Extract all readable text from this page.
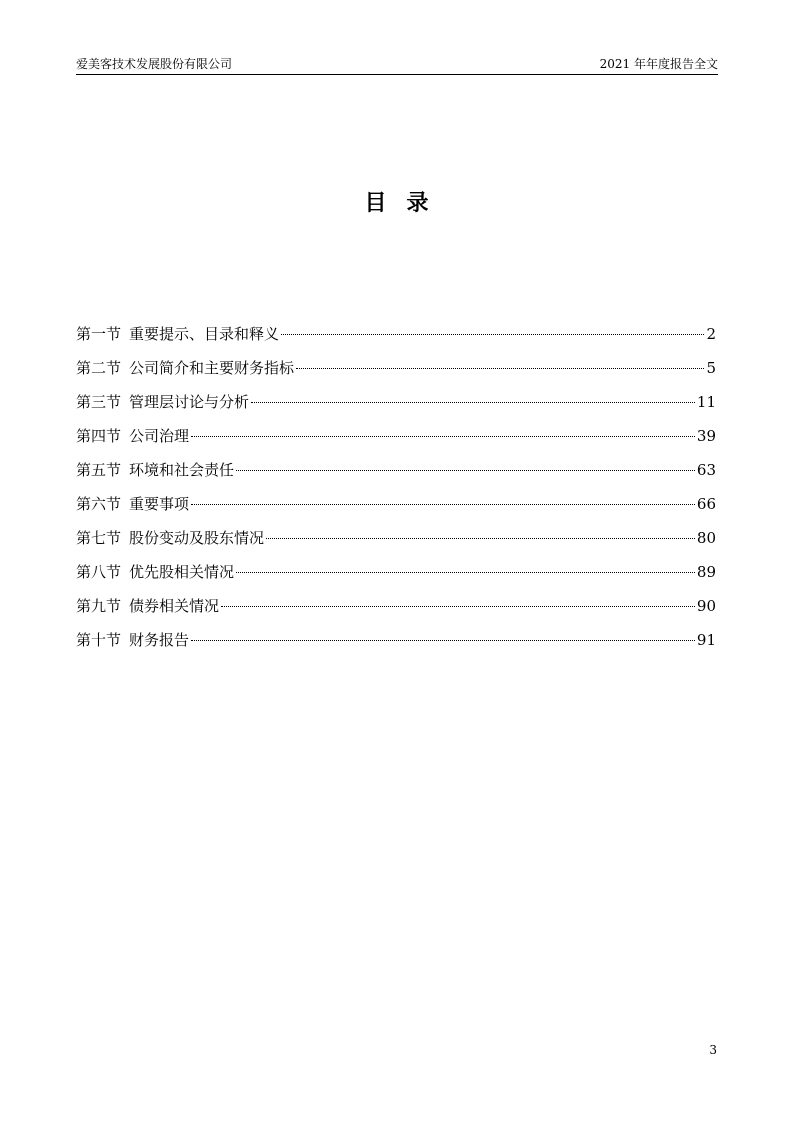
爱美客技术发展股份有限公司	2021 年年度报告全文
目录
第一节 重要提示、目录和释义	2
第二节 公司简介和主要财务指标	5
第三节 管理层讨论与分析	11
第四节 公司治理	39
第五节 环境和社会责任	63
第六节 重要事项	66
第七节 股份变动及股东情况	80
第八节 优先股相关情况	89
第九节 债券相关情况	90
第十节 财务报告	91
3
